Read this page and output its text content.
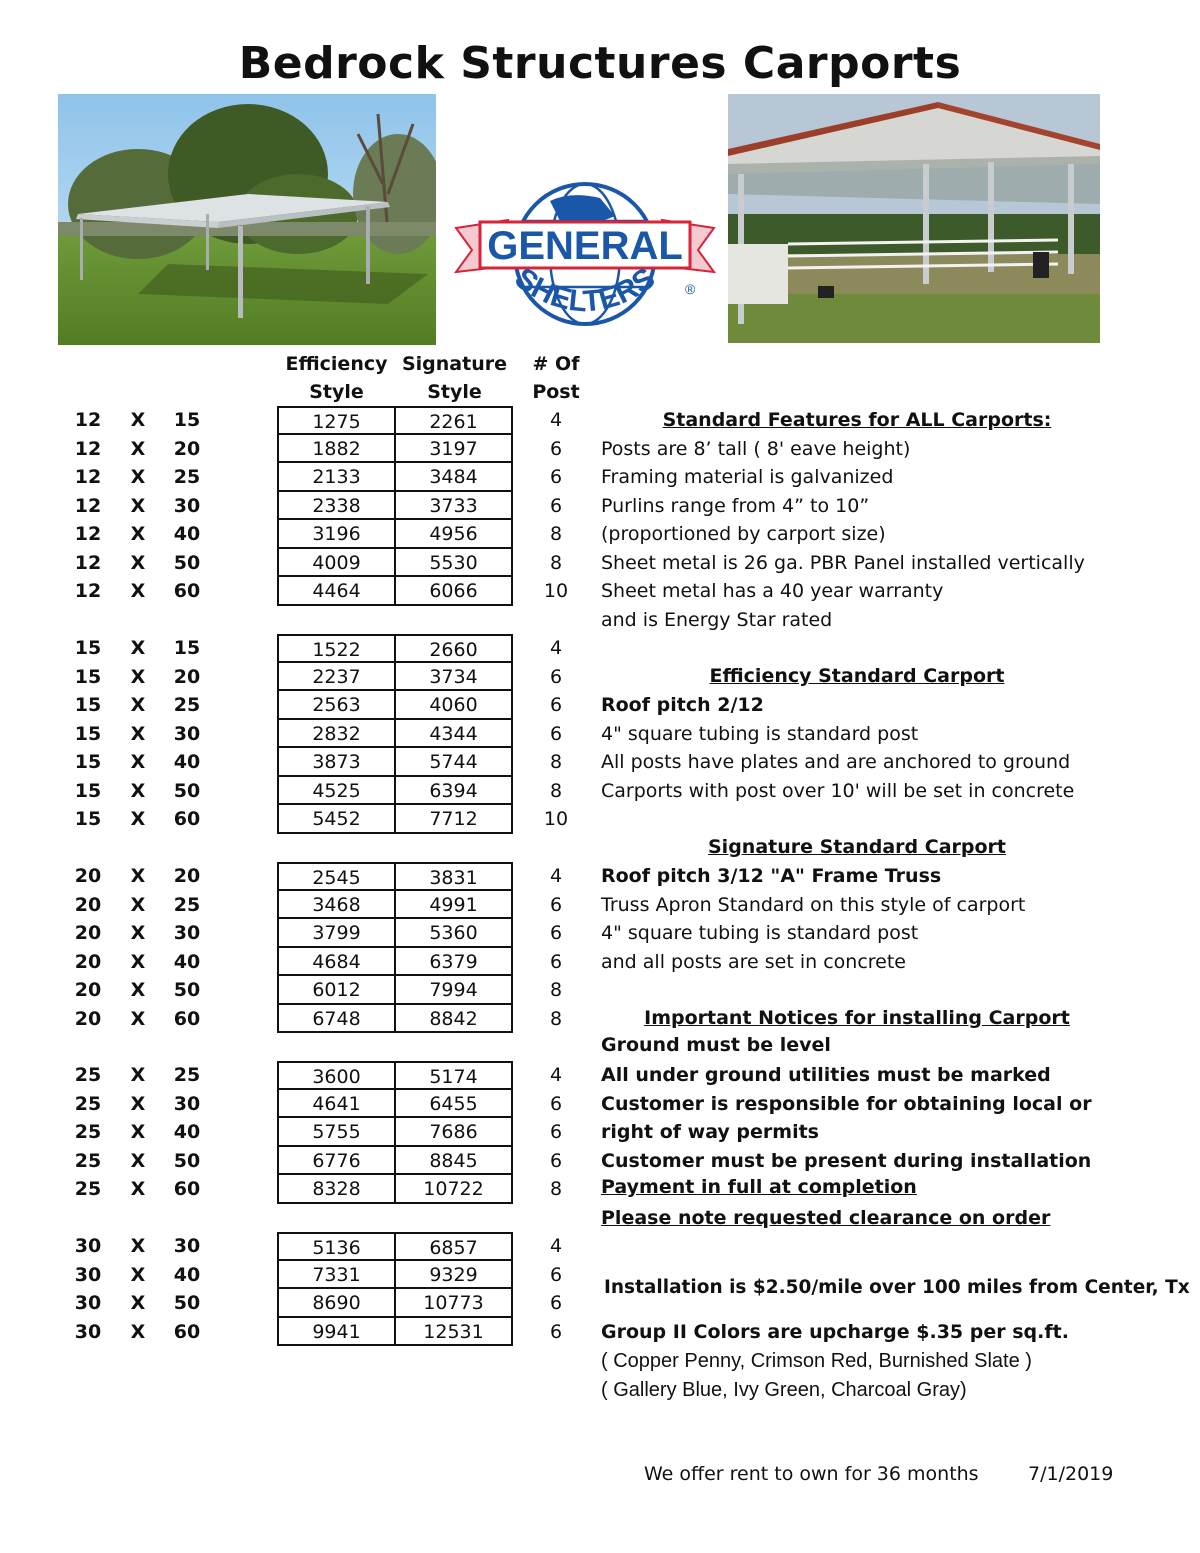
Bedrock Structures Carports
GENERAL
SHELTERS ®
Efficiency
Style
Signature
Style
# Of
Post
12 X 15	1275	2261	4
12 X 20	1882	3197	6
12 X 25	2133	3484	6
12 X 30	2338	3733	6
12 X 40	3196	4956	8
12 X 50	4009	5530	8
12 X 60	4464	6066	10
15 X 15	1522	2660	4
15 X 20	2237	3734	6
15 X 25	2563	4060	6
15 X 30	2832	4344	6
15 X 40	3873	5744	8
15 X 50	4525	6394	8
15 X 60	5452	7712	10
20 X 20	2545	3831	4
20 X 25	3468	4991	6
20 X 30	3799	5360	6
20 X 40	4684	6379	6
20 X 50	6012	7994	8
20 X 60	6748	8842	8
25 X 25	3600	5174	4
25 X 30	4641	6455	6
25 X 40	5755	7686	6
25 X 50	6776	8845	6
25 X 60	8328	10722	8
30 X 30	5136	6857	4
30 X 40	7331	9329	6
30 X 50	8690	10773	6
30 X 60	9941	12531	6
Standard Features for ALL Carports:
Posts are 8’ tall ( 8' eave height)
Framing material is galvanized
Purlins range from 4” to 10”
(proportioned by carport size)
Sheet metal is 26 ga. PBR Panel installed vertically
Sheet metal has a 40 year warranty
and is Energy Star rated
Efficiency Standard Carport
Roof pitch 2/12
4" square tubing is standard post
All posts have plates and are anchored to ground
Carports with post over 10' will be set in concrete
Signature Standard Carport
Roof pitch 3/12 "A" Frame Truss
Truss Apron Standard on this style of carport
4" square tubing is standard post
and all posts are set in concrete
Important Notices for installing Carport
Ground must be level
All under ground utilities must be marked
Customer is responsible for obtaining local or
right of way permits
Customer must be present during installation
Payment in full at completion
Please note requested clearance on order
Installation is $2.50/mile over 100 miles from Center, Tx
Group II Colors are upcharge $.35 per sq.ft.
( Copper Penny, Crimson Red, Burnished Slate )
( Gallery Blue, Ivy Green, Charcoal Gray)
We offer rent to own for 36 months	7/1/2019
